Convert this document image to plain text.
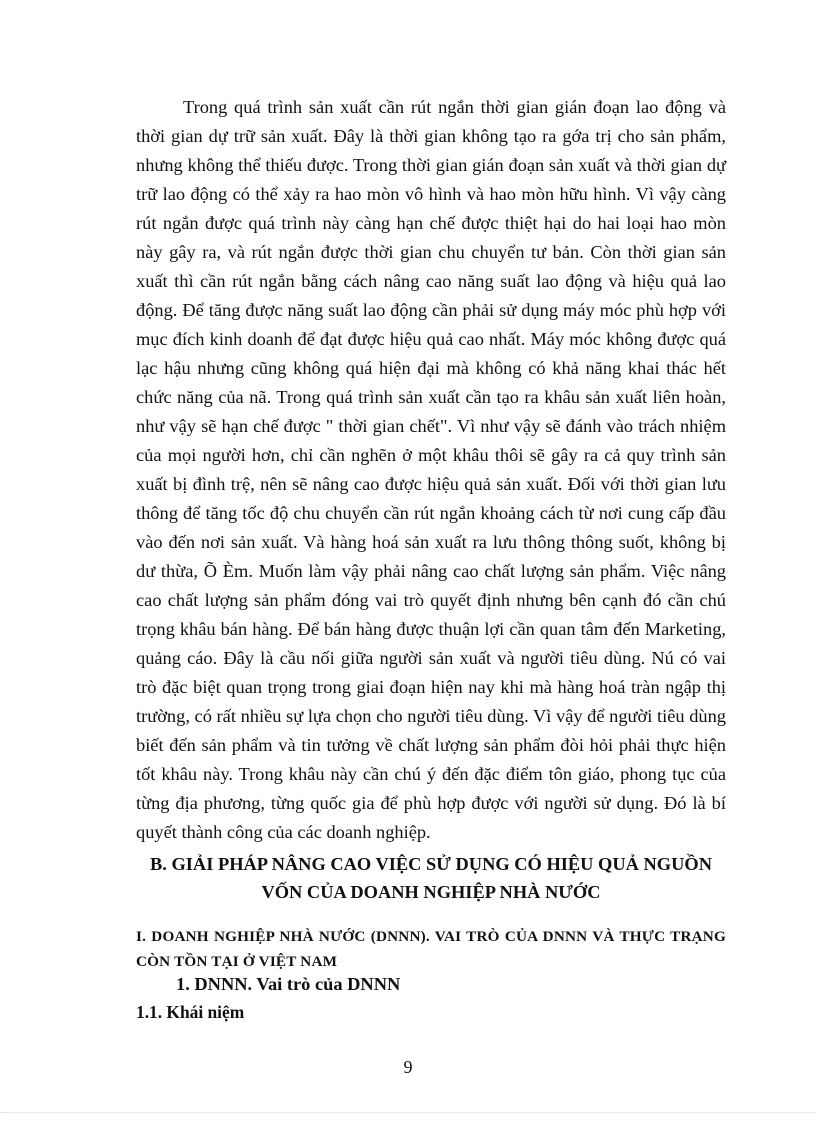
Trong quá trình sản xuất cần rút ngắn thời gian gián đoạn lao động và thời gian dự trữ sản xuất. Đây là thời gian không tạo ra gớa trị cho sản phẩm, nhưng không thể thiếu được. Trong thời gian gián đoạn sản xuất và thời gian dự trữ lao động có thể xảy ra hao mòn vô hình và hao mòn hữu hình. Vì vậy càng rút ngắn được quá trình này càng hạn chế được thiệt hại do hai loại hao mòn này gây ra, và rút ngắn được thời gian chu chuyển tư bản. Còn thời gian sản xuất thì cần rút ngắn bằng cách nâng cao năng suất lao động và hiệu quả lao động. Để tăng được năng suất lao động cần phải sử dụng máy móc phù hợp với mục đích kinh doanh để đạt được hiệu quả cao nhất. Máy móc không được quá lạc hậu nhưng cũng không quá hiện đại mà không có khả năng khai thác hết chức năng của nã. Trong quá trình sản xuất cần tạo ra khâu sản xuất liên hoàn, như vậy sẽ hạn chế được " thời gian chết". Vì như vậy sẽ đánh vào trách nhiệm của mọi người hơn, chỉ cần nghẽn ở một khâu thôi sẽ gây ra cả quy trình sản xuất bị đình trệ, nên sẽ nâng cao được hiệu quả sản xuất. Đối với thời gian lưu thông để tăng tốc độ chu chuyển cần rút ngắn khoảng cách từ nơi cung cấp đầu vào đến nơi sản xuất. Và hàng hoá sản xuất ra lưu thông thông suốt, không bị dư thừa, Õ Èm. Muốn làm vậy phải nâng cao chất lượng sản phẩm. Việc nâng cao chất lượng sản phẩm đóng vai trò quyết định nhưng bên cạnh đó cần chú trọng khâu bán hàng. Để bán hàng được thuận lợi cần quan tâm đến Marketing, quảng cáo. Đây là cầu nối giữa người sản xuất và người tiêu dùng. Nú có vai trò đặc biệt quan trọng trong giai đoạn hiện nay khi mà hàng hoá tràn ngập thị trường, có rất nhiều sự lựa chọn cho người tiêu dùng. Vì vậy để người tiêu dùng biết đến sản phẩm và tin tưởng về chất lượng sản phẩm đòi hỏi phải thực hiện tốt khâu này. Trong khâu này cần chú ý đến đặc điểm tôn giáo, phong tục của từng địa phương, từng quốc gia để phù hợp được với người sử dụng. Đó là bí quyết thành công của các doanh nghiệp.

B. GIẢI PHÁP NÂNG CAO VIỆC SỬ DỤNG CÓ HIỆU QUẢ NGUỒN VỐN CỦA DOANH NGHIỆP NHÀ NƯỚC
I. DOANH NGHIỆP NHÀ NƯỚC (DNNN). VAI TRÒ CỦA DNNN VÀ THỰC TRẠNG CÒN TỒN TẠI Ở VIỆT NAM
1. DNNN. Vai trò của DNNN
1.1. Khái niệm

9
